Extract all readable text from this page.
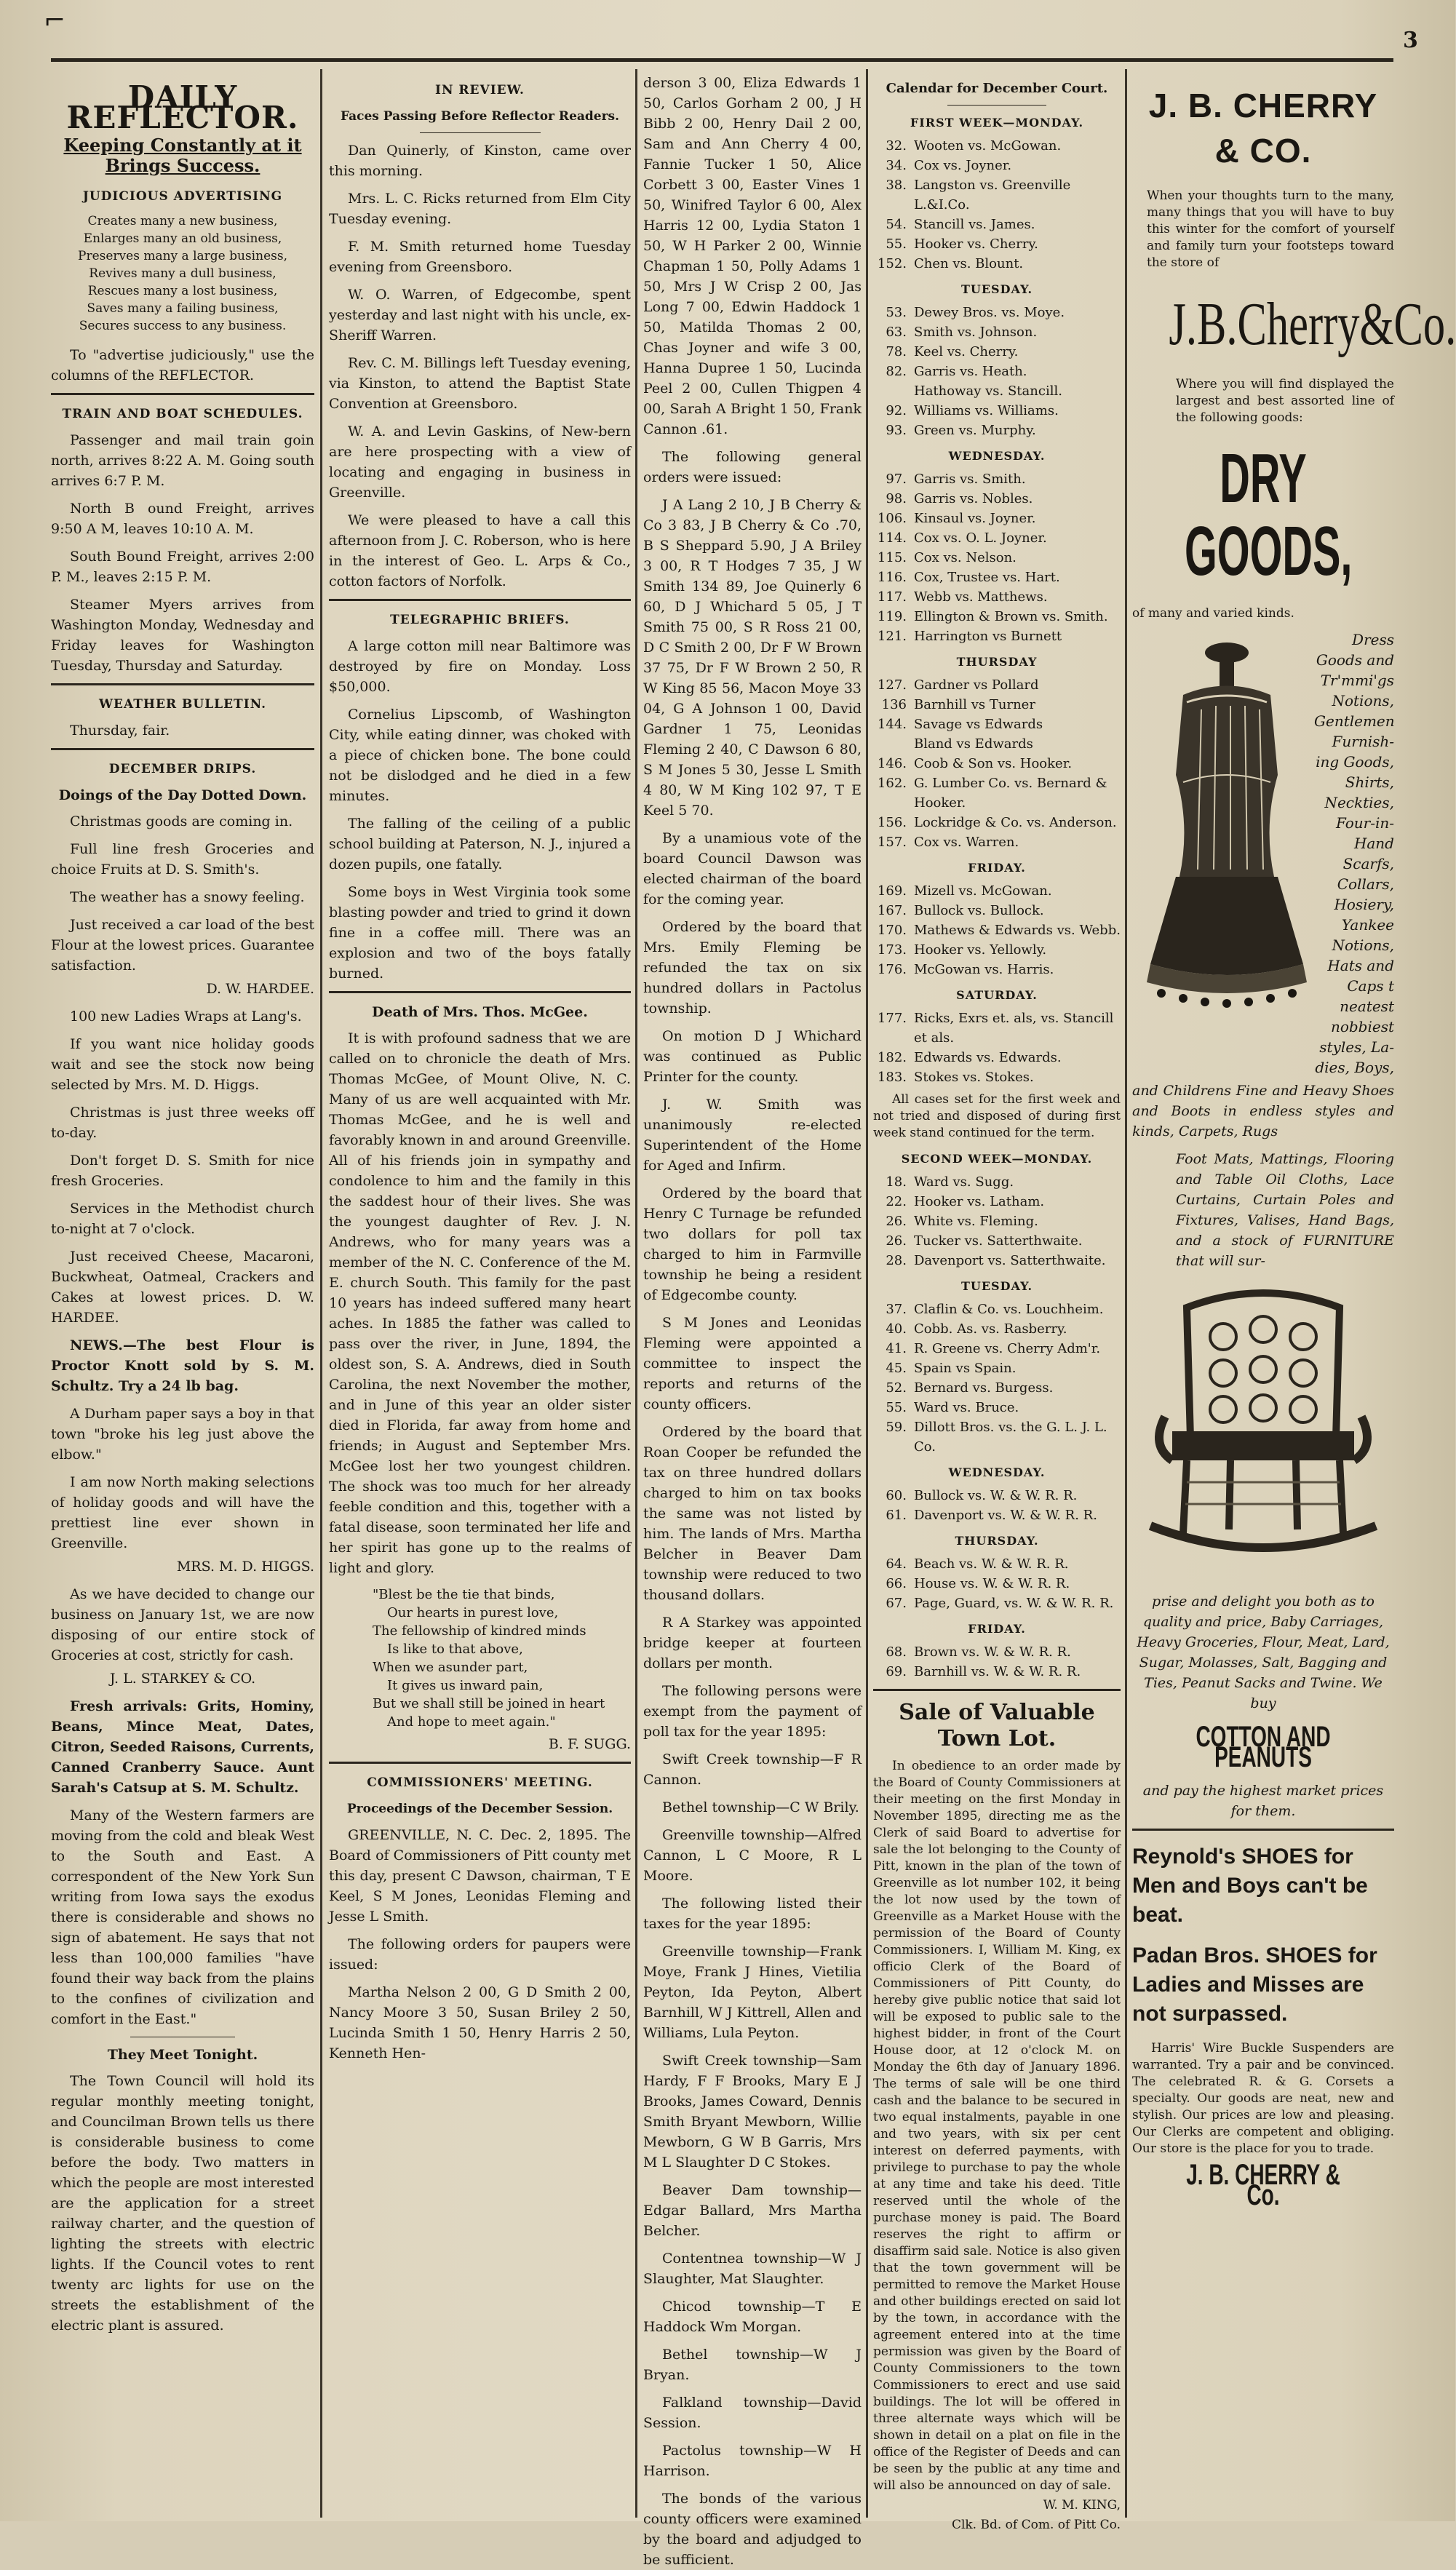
⌐
3
DAILY REFLECTOR.
Keeping Constantly at it Brings Success.
JUDICIOUS ADVERTISING
Creates many a new business,
Enlarges many an old business,
Preserves many a large business,
Revives many a dull business,
Rescues many a lost business,
Saves many a failing business,
Secures success to any business.

To "advertise judiciously," use the columns of the REFLECTOR.

TRAIN AND BOAT SCHEDULES.

Passenger and mail train goin north, arrives 8:22 A. M. Going south arrives 6:7 P. M.

North B ound Freight, arrives 9:50 A M, leaves 10:10 A. M.

South Bound Freight, arrives 2:00 P. M., leaves 2:15 P. M.

Steamer Myers arrives from Washington Monday, Wednesday and Friday leaves for Washington Tuesday, Thursday and Saturday.

WEATHER BULLETIN.

Thursday, fair.

DECEMBER DRIPS.
Doings of the Day Dotted Down.

Christmas goods are coming in.

Full line fresh Groceries and choice Fruits at D. S. Smith's.

The weather has a snowy feeling.

Just received a car load of the best Flour at the lowest prices. Guarantee satisfaction.

D. W. HARDEE.

100 new Ladies Wraps at Lang's.

If you want nice holiday goods wait and see the stock now being selected by Mrs. M. D. Higgs.

Christmas is just three weeks off to-day.

Don't forget D. S. Smith for nice fresh Groceries.

Services in the Methodist church to-night at 7 o'clock.

Just received Cheese, Macaroni, Buckwheat, Oatmeal, Crackers and Cakes at lowest prices. D. W. HARDEE.

NEWS.—The best Flour is Proctor Knott sold by S. M. Schultz. Try a 24 lb bag.

A Durham paper says a boy in that town "broke his leg just above the elbow."

I am now North making selections of holiday goods and will have the prettiest line ever shown in Greenville.

MRS. M. D. HIGGS.

As we have decided to change our business on January 1st, we are now disposing of our entire stock of Groceries at cost, strictly for cash.

J. L. STARKEY & CO.

Fresh arrivals: Grits, Hominy, Beans, Mince Meat, Dates, Citron, Seeded Raisons, Currents, Canned Cranberry Sauce. Aunt Sarah's Catsup at S. M. Schultz.

Many of the Western farmers are moving from the cold and bleak West to the South and East. A correspondent of the New York Sun writing from Iowa says the exodus there is considerable and shows no sign of abatement. He says that not less than 100,000 families "have found their way back from the plains to the confines of civilization and comfort in the East."

They Meet Tonight.

The Town Council will hold its regular monthly meeting tonight, and Councilman Brown tells us there is considerable business to come before the body. Two matters in which the people are most interested are the application for a street railway charter, and the question of lighting the streets with electric lights. If the Council votes to rent twenty arc lights for use on the streets the establishment of the electric plant is assured.

IN REVIEW.
Faces Passing Before Reflector Readers.

Dan Quinerly, of Kinston, came over this morning.

Mrs. L. C. Ricks returned from Elm City Tuesday evening.

F. M. Smith returned home Tuesday evening from Greensboro.

W. O. Warren, of Edgecombe, spent yesterday and last night with his uncle, ex-Sheriff Warren.

Rev. C. M. Billings left Tuesday evening, via Kinston, to attend the Baptist State Convention at Greensboro.

W. A. and Levin Gaskins, of New-bern are here prospecting with a view of locating and engaging in business in Greenville.

We were pleased to have a call this afternoon from J. C. Roberson, who is here in the interest of Geo. L. Arps & Co., cotton factors of Norfolk.

TELEGRAPHIC BRIEFS.

A large cotton mill near Baltimore was destroyed by fire on Monday. Loss $50,000.

Cornelius Lipscomb, of Washington City, while eating dinner, was choked with a piece of chicken bone. The bone could not be dislodged and he died in a few minutes.

The falling of the ceiling of a public school building at Paterson, N. J., injured a dozen pupils, one fatally.

Some boys in West Virginia took some blasting powder and tried to grind it down fine in a coffee mill. There was an explosion and two of the boys fatally burned.

Death of Mrs. Thos. McGee.

It is with profound sadness that we are called on to chronicle the death of Mrs. Thomas McGee, of Mount Olive, N. C. Many of us are well acquainted with Mr. Thomas McGee, and he is well and favorably known in and around Greenville. All of his friends join in sympathy and condolence to him and the family in this the saddest hour of their lives. She was the youngest daughter of Rev. J. N. Andrews, who for many years was a member of the N. C. Conference of the M. E. church South. This family for the past 10 years has indeed suffered many heart aches. In 1885 the father was called to pass over the river, in June, 1894, the oldest son, S. A. Andrews, died in South Carolina, the next November the mother, and in June of this year an older sister died in Florida, far away from home and friends; in August and September Mrs. McGee lost her two youngest children. The shock was too much for her already feeble condition and this, together with a fatal disease, soon terminated her life and her spirit has gone up to the realms of light and glory.

"Blest be the tie that binds,
Our hearts in purest love,
The fellowship of kindred minds
Is like to that above,
When we asunder part,
It gives us inward pain,
But we shall still be joined in heart
And hope to meet again."
B. F. SUGG.
COMMISSIONERS' MEETING.
Proceedings of the December Session.

GREENVILLE, N. C. Dec. 2, 1895. The Board of Commissioners of Pitt county met this day, present C Dawson, chairman, T E Keel, S M Jones, Leonidas Fleming and Jesse L Smith.

The following orders for paupers were issued:

Martha Nelson 2 00, G D Smith 2 00, Nancy Moore 3 50, Susan Briley 2 50, Lucinda Smith 1 50, Henry Harris 2 50, Kenneth Hen-

derson 3 00, Eliza Edwards 1 50, Carlos Gorham 2 00, J H Bibb 2 00, Henry Dail 2 00, Sam and Ann Cherry 4 00, Fannie Tucker 1 50, Alice Corbett 3 00, Easter Vines 1 50, Winifred Taylor 6 00, Alex Harris 12 00, Lydia Staton 1 50, W H Parker 2 00, Winnie Chapman 1 50, Polly Adams 1 50, Mrs J W Crisp 2 00, Jas Long 7 00, Edwin Haddock 1 50, Matilda Thomas 2 00, Chas Joyner and wife 3 00, Hanna Dupree 1 50, Lucinda Peel 2 00, Cullen Thigpen 4 00, Sarah A Bright 1 50, Frank Cannon .61.

The following general orders were issued:

J A Lang 2 10, J B Cherry & Co 3 83, J B Cherry & Co .70, B S Sheppard 5.90, J A Briley 3 00, R T Hodges 7 35, J W Smith 134 89, Joe Quinerly 6 60, D J Whichard 5 05, J T Smith 75 00, S R Ross 21 00, D C Smith 2 00, Dr F W Brown 37 75, Dr F W Brown 2 50, R W King 85 56, Macon Moye 33 04, G A Johnson 1 00, David Gardner 1 75, Leonidas Fleming 2 40, C Dawson 6 80, S M Jones 5 30, Jesse L Smith 4 80, W M King 102 97, T E Keel 5 70.

By a unamious vote of the board Council Dawson was elected chairman of the board for the coming year.

Ordered by the board that Mrs. Emily Fleming be refunded the tax on six hundred dollars in Pactolus township.

On motion D J Whichard was continued as Public Printer for the county.

J. W. Smith was unanimously re-elected Superintendent of the Home for Aged and Infirm.

Ordered by the board that Henry C Turnage be refunded two dollars for poll tax charged to him in Farmville township he being a resident of Edgecombe county.

S M Jones and Leonidas Fleming were appointed a committee to inspect the reports and returns of the county officers.

Ordered by the board that Roan Cooper be refunded the tax on three hundred dollars charged to him on tax books the same was not listed by him. The lands of Mrs. Martha Belcher in Beaver Dam township were reduced to two thousand dollars.

R A Starkey was appointed bridge keeper at fourteen dollars per month.

The following persons were exempt from the payment of poll tax for the year 1895:

Swift Creek township—F R Cannon.

Bethel township—C W Brily.

Greenville township—Alfred Cannon, L C Moore, R L Moore.

The following listed their taxes for the year 1895:

Greenville township—Frank Moye, Frank J Hines, Vietilia Peyton, Ida Peyton, Albert Barnhill, W J Kittrell, Allen and Williams, Lula Peyton.

Swift Creek township—Sam Hardy, F F Brooks, Mary E J Brooks, James Coward, Dennis Smith Bryant Mewborn, Willie Mewborn, G W B Garris, Mrs M L Slaughter D C Stokes.

Beaver Dam township—Edgar Ballard, Mrs Martha Belcher.

Contentnea township—W J Slaughter, Mat Slaughter.

Chicod township—T E Haddock Wm Morgan.

Bethel township—W J Bryan.

Falkland township—David Session.

Pactolus township—W H Harrison.

The bonds of the various county officers were examined by the board and adjudged to be sufficient.

Calendar for December Court.
FIRST WEEK—MONDAY.
32. Wooten vs. McGowan.
34. Cox vs. Joyner.
38. Langston vs. Greenville L.&I.Co.
54. Stancill vs. James.
55. Hooker vs. Cherry.
152. Chen vs. Blount.
TUESDAY.
53. Dewey Bros. vs. Moye.
63. Smith vs. Johnson.
78. Keel vs. Cherry.
82. Garris vs. Heath.
Hathoway vs. Stancill.
92. Williams vs. Williams.
93. Green vs. Murphy.
WEDNESDAY.
97. Garris vs. Smith.
98. Garris vs. Nobles.
106. Kinsaul vs. Joyner.
114. Cox vs. O. L. Joyner.
115. Cox vs. Nelson.
116. Cox, Trustee vs. Hart.
117. Webb vs. Matthews.
119. Ellington & Brown vs. Smith.
121. Harrington vs Burnett
THURSDAY
127. Gardner vs Pollard
136 Barnhill vs Turner
144. Savage vs Edwards
Bland vs Edwards
146. Coob & Son vs. Hooker.
162. G. Lumber Co. vs. Bernard & Hooker.
156. Lockridge & Co. vs. Anderson.
157. Cox vs. Warren.
FRIDAY.
169. Mizell vs. McGowan.
167. Bullock vs. Bullock.
170. Mathews & Edwards vs. Webb.
173. Hooker vs. Yellowly.
176. McGowan vs. Harris.
SATURDAY.
177. Ricks, Exrs et. als, vs. Stancill et als.
182. Edwards vs. Edwards.
183. Stokes vs. Stokes.

All cases set for the first week and not tried and disposed of during first week stand continued for the term.

SECOND WEEK—MONDAY.
18. Ward vs. Sugg.
22. Hooker vs. Latham.
26. White vs. Fleming.
26. Tucker vs. Satterthwaite.
28. Davenport vs. Satterthwaite.
TUESDAY.
37. Claflin & Co. vs. Louchheim.
40. Cobb. As. vs. Rasberry.
41. R. Greene vs. Cherry Adm'r.
45. Spain vs Spain.
52. Bernard vs. Burgess.
55. Ward vs. Bruce.
59. Dillott Bros. vs. the G. L. J. L. Co.
WEDNESDAY.
60. Bullock vs. W. & W. R. R.
61. Davenport vs. W. & W. R. R.
THURSDAY.
64. Beach vs. W. & W. R. R.
66. House vs. W. & W. R. R.
67. Page, Guard, vs. W. & W. R. R.
FRIDAY.
68. Brown vs. W. & W. R. R.
69. Barnhill vs. W. & W. R. R.
Sale of Valuable Town Lot.

In obedience to an order made by the Board of County Commissioners at their meeting on the first Monday in November 1895, directing me as the Clerk of said Board to advertise for sale the lot belonging to the County of Pitt, known in the plan of the town of Greenville as lot number 102, it being the lot now used by the town of Greenville as a Market House with the permission of the Board of County Commissioners. I, William M. King, ex officio Clerk of the Board of Commissioners of Pitt County, do hereby give public notice that said lot will be exposed to public sale to the highest bidder, in front of the Court House door, at 12 o'clock M. on Monday the 6th day of January 1896. The terms of sale will be one third cash and the balance to be secured in two equal instalments, payable in one and two years, with six per cent interest on deferred payments, with privilege to purchase to pay the whole at any time and take his deed. Title reserved until the whole of the purchase money is paid. The Board reserves the right to affirm or disaffirm said sale. Notice is also given that the town government will be permitted to remove the Market House and other buildings erected on said lot by the town, in accordance with the agreement entered into at the time permission was given by the Board of County Commissioners to the town Commissioners to erect and use said buildings. The lot will be offered in three alternate ways which will be shown in detail on a plat on file in the office of the Register of Deeds and can be seen by the public at any time and will also be announced on day of sale.

W. M. KING,
Clk. Bd. of Com. of Pitt Co.
J. B. CHERRY & CO.

When your thoughts turn to the many, many things that you will have to buy this winter for the comfort of yourself and family turn your footsteps toward the store of

J.B.Cherry&Co.

Where you will find displayed the largest and best assorted line of the following goods:

DRY GOODS,

of many and varied kinds.

Dress
Goods and
Tr'mmi'gs
Notions,
Gentlemen
Furnish-
ing Goods,
Shirts,
Neckties,
Four-in-
Hand
Scarfs,
Collars,
Hosiery,
Yankee
Notions,
Hats and
Caps t
neatest
nobbiest
styles, La-
dies, Boys,

and Childrens Fine and Heavy Shoes and Boots in endless styles and kinds, Carpets, Rugs

Foot Mats, Mattings, Flooring and Table Oil Cloths, Lace Curtains, Curtain Poles and Fixtures, Valises, Hand Bags, and a stock of FURNITURE that will sur-

prise and delight you both as to quality and price, Baby Carriages, Heavy Groceries, Flour, Meat, Lard, Sugar, Molasses, Salt, Bagging and Ties, Peanut Sacks and Twine. We buy

COTTON AND PEANUTS

and pay the highest market prices for them.

Reynold's SHOES for Men and Boys can't be beat.
Padan Bros. SHOES for Ladies and Misses are not surpassed.

Harris' Wire Buckle Suspenders are warranted. Try a pair and be convinced. The celebrated R. & G. Corsets a specialty. Our goods are neat, new and stylish. Our prices are low and pleasing. Our Clerks are competent and obliging. Our store is the place for you to trade.

J. B. CHERRY & Co.
